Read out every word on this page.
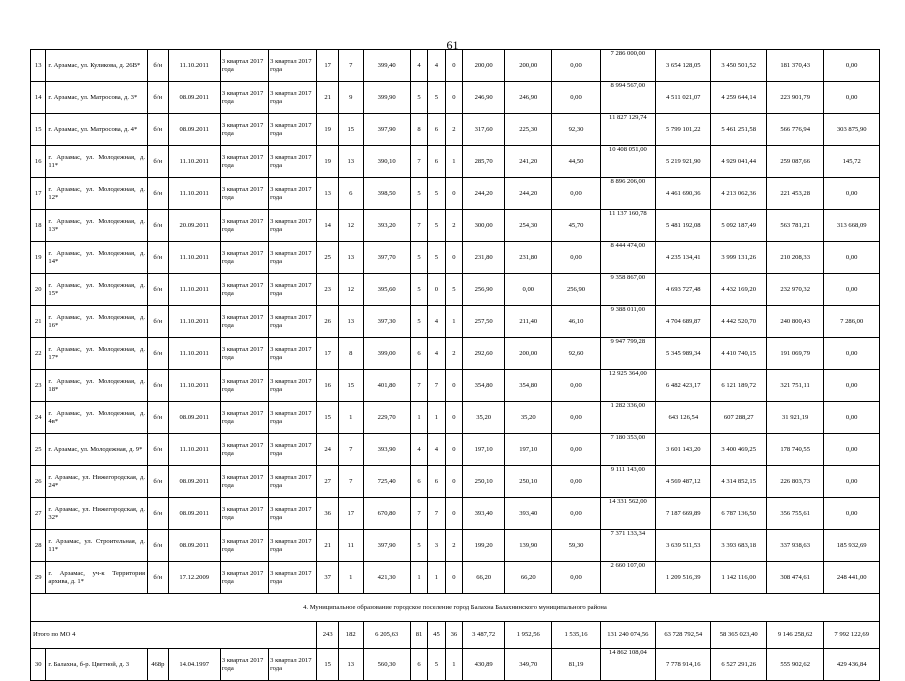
61
13	г. Арзамас, ул. Куликова, д. 26В*	б/н	11.10.2011	3 квартал 2017 года	3 квартал 2017 года	17	7	399,40	4	4	0	200,00	200,00	0,00	7 286 000,00	3 654 128,05	3 450 501,52	181 370,43	0,00
14	г. Арзамас, ул. Матросова, д. 3*	б/н	08.09.2011	3 квартал 2017 года	3 квартал 2017 года	21	9	399,90	5	5	0	246,90	246,90	0,00	8 994 567,00	4 511 021,07	4 259 644,14	223 901,79	0,00
15	г. Арзамас, ул. Матросова, д. 4*	б/н	08.09.2011	3 квартал 2017 года	3 квартал 2017 года	19	15	397,90	8	6	2	317,60	225,30	92,30	11 827 129,74	5 799 101,22	5 461 251,58	566 776,94	303 875,90
16	г. Арзамас, ул. Молодежная, д. 11*	б/н	11.10.2011	3 квартал 2017 года	3 квартал 2017 года	19	13	390,10	7	6	1	285,70	241,20	44,50	10 408 051,00	5 219 921,90	4 929 041,44	259 087,66	145,72
17	г. Арзамас, ул. Молодежная, д. 12*	б/н	11.10.2011	3 квартал 2017 года	3 квартал 2017 года	13	6	398,50	5	5	0	244,20	244,20	0,00	8 896 206,00	4 461 690,36	4 213 062,36	221 453,28	0,00
18	г. Арзамас, ул. Молодежная, д. 13*	б/н	20.09.2011	3 квартал 2017 года	3 квартал 2017 года	14	12	393,20	7	5	2	300,00	254,30	45,70	11 137 160,78	5 481 192,08	5 092 187,49	563 781,21	313 668,09
19	г. Арзамас, ул. Молодежная, д. 14*	б/н	11.10.2011	3 квартал 2017 года	3 квартал 2017 года	25	13	397,70	5	5	0	231,80	231,80	0,00	8 444 474,00	4 235 134,41	3 999 131,26	210 208,33	0,00
20	г. Арзамас, ул. Молодежная, д. 15*	б/н	11.10.2011	3 квартал 2017 года	3 квартал 2017 года	23	12	395,60	5	0	5	256,90	0,00	256,90	9 358 867,00	4 693 727,48	4 432 169,20	232 970,32	0,00
21	г. Арзамас, ул. Молодежная, д. 16*	б/н	11.10.2011	3 квартал 2017 года	3 квартал 2017 года	26	13	397,30	5	4	1	257,50	211,40	46,10	9 388 011,00	4 704 689,87	4 442 520,70	240 800,43	7 286,00
22	г. Арзамас, ул. Молодежная, д. 17*	б/н	11.10.2011	3 квартал 2017 года	3 квартал 2017 года	17	8	399,00	6	4	2	292,60	200,00	92,60	9 947 799,28	5 345 989,34	4 410 740,15	191 069,79	0,00
23	г. Арзамас, ул. Молодежная, д. 18*	б/н	11.10.2011	3 квартал 2017 года	3 квартал 2017 года	16	15	401,80	7	7	0	354,80	354,80	0,00	12 925 364,00	6 482 423,17	6 121 189,72	321 751,11	0,00
24	г. Арзамас, ул. Молодежная, д. 4в*	б/н	08.09.2011	3 квартал 2017 года	3 квартал 2017 года	15	1	229,70	1	1	0	35,20	35,20	0,00	1 282 336,00	643 126,54	607 288,27	31 921,19	0,00
25	г. Арзамас, ул. Молодежная, д. 9*	б/н	11.10.2011	3 квартал 2017 года	3 квартал 2017 года	24	7	393,90	4	4	0	197,10	197,10	0,00	7 180 353,00	3 601 143,20	3 400 469,25	178 740,55	0,00
26	г. Арзамас, ул. Нижегородская, д. 24*	б/н	08.09.2011	3 квартал 2017 года	3 квартал 2017 года	27	7	725,40	6	6	0	250,10	250,10	0,00	9 111 143,00	4 569 487,12	4 314 852,15	226 803,73	0,00
27	г. Арзамас, ул. Нижегородская, д. 32*	б/н	08.09.2011	3 квартал 2017 года	3 квартал 2017 года	36	17	670,80	7	7	0	393,40	393,40	0,00	14 331 562,00	7 187 669,89	6 787 136,50	356 755,61	0,00
28	г. Арзамас, ул. Строительная, д. 11*	б/н	08.09.2011	3 квартал 2017 года	3 квартал 2017 года	21	11	397,90	5	3	2	199,20	139,90	59,30	7 371 133,34	3 639 511,53	3 393 683,18	337 938,63	185 932,69
29	г. Арзамас, уч-к Территория архива, д. 1*	б/н	17.12.2009	3 квартал 2017 года	3 квартал 2017 года	37	1	421,30	1	1	0	66,20	66,20	0,00	2 660 107,00	1 209 516,39	1 142 116,00	308 474,61	248 441,00
4. Муниципальное образование городское поселение город Балахна Балахнинского муниципального района																			
Итого по МО 4						243	182	6 205,63	81	45	36	3 487,72	1 952,56	1 535,16	131 240 074,56	63 728 792,54	58 365 023,40	9 146 258,62	7 992 122,69
30	г. Балахна, б-р. Цветной, д. 3	468р	14.04.1997	3 квартал 2017 года	3 квартал 2017 года	15	13	560,30	6	5	1	430,89	349,70	81,19	14 862 108,04	7 778 914,16	6 527 291,26	555 902,62	429 436,84
